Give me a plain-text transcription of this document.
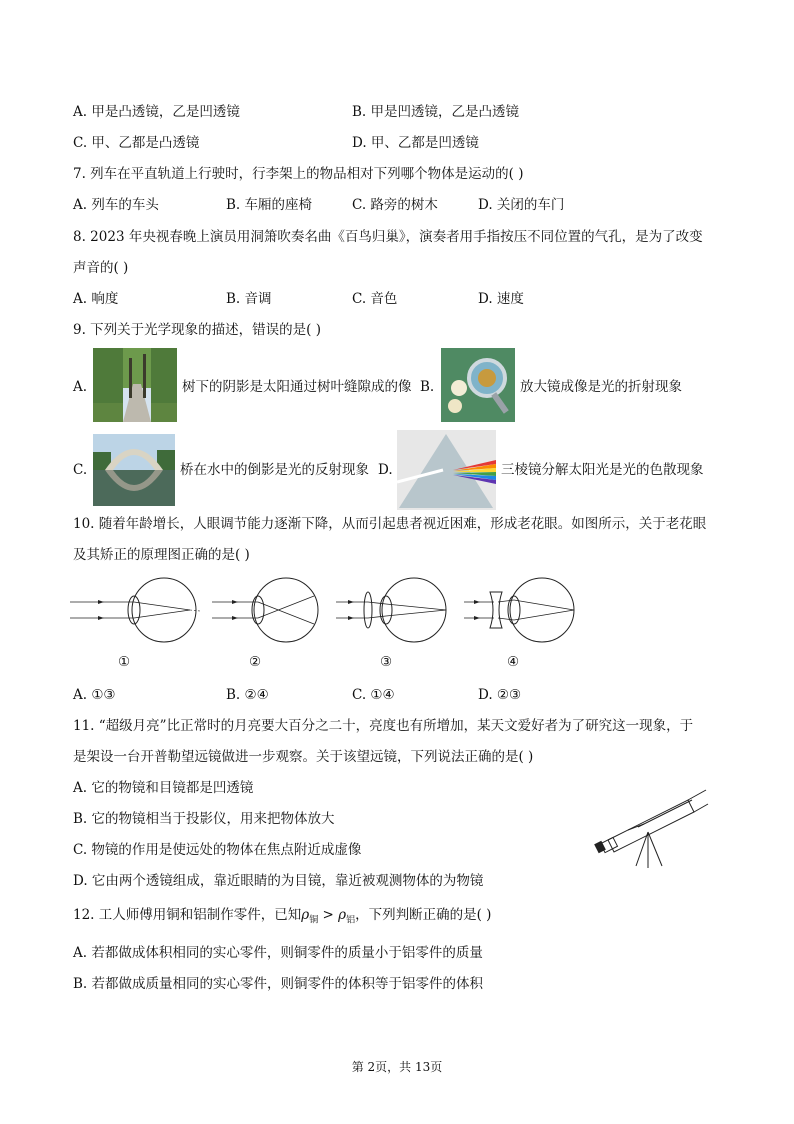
A. 甲是凸透镜，乙是凹透镜	B. 甲是凹透镜，乙是凸透镜
C. 甲、乙都是凸透镜	D. 甲、乙都是凹透镜
7. 列车在平直轨道上行驶时，行李架上的物品相对下列哪个物体是运动的( )
A. 列车的车头	B. 车厢的座椅	C. 路旁的树木	D. 关闭的车门
8. 2023 年央视春晚上演员用洞箫吹奏名曲《百鸟归巢》，演奏者用手指按压不同位置的气孔，是为了改变
声音的( )
A. 响度	B. 音调	C. 音色	D. 速度
9. 下列关于光学现象的描述，错误的是( )
A.	树下的阴影是太阳通过树叶缝隙成的像 B.	放大镜成像是光的折射现象
C.	桥在水中的倒影是光的反射现象 D.	三棱镜分解太阳光是光的色散现象
10. 随着年龄增长，人眼调节能力逐渐下降，从而引起患者视近困难，形成老花眼。如图所示，关于老花眼
及其矫正的原理图正确的是( )
①	②	③	④
A. ①③	B. ②④	C. ①④	D. ②③
11. “超级月亮”比正常时的月亮要大百分之二十，亮度也有所增加，某天文爱好者为了研究这一现象，于
是架设一台开普勒望远镜做进一步观察。关于该望远镜，下列说法正确的是( )
A. 它的物镜和目镜都是凹透镜
B. 它的物镜相当于投影仪，用来把物体放大
C. 物镜的作用是使远处的物体在焦点附近成虚像
D. 它由两个透镜组成，靠近眼睛的为目镜，靠近被观测物体的为物镜
12. 工人师傅用铜和铝制作零件，已知$\rho_铜 > \rho_铝$，下列判断正确的是( )
A. 若都做成体积相同的实心零件，则铜零件的质量小于铝零件的质量
B. 若都做成质量相同的实心零件，则铜零件的体积等于铝零件的体积
第 2页，共 13页
